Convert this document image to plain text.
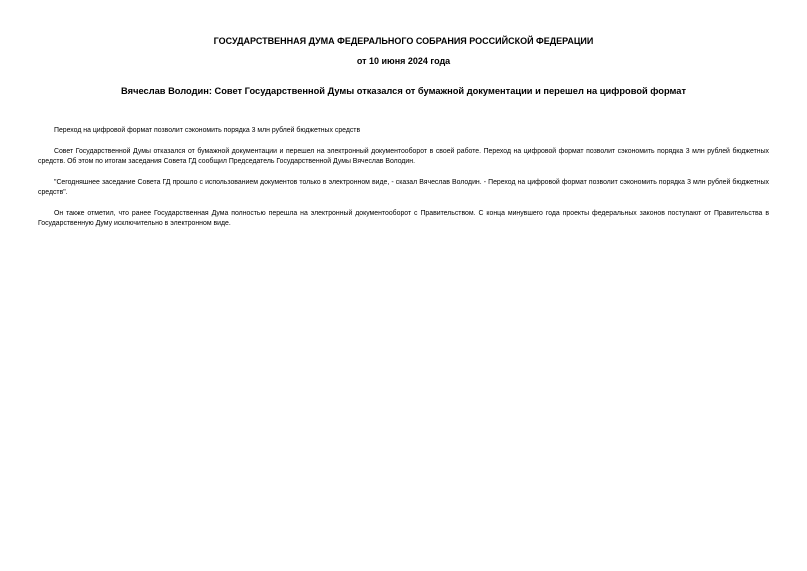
ГОСУДАРСТВЕННАЯ ДУМА ФЕДЕРАЛЬНОГО СОБРАНИЯ РОССИЙСКОЙ ФЕДЕРАЦИИ
от 10 июня 2024 года
Вячеслав Володин: Совет Государственной Думы отказался от бумажной документации и перешел на цифровой формат

Переход на цифровой формат позволит сэкономить порядка 3 млн рублей бюджетных средств

Совет Государственной Думы отказался от бумажной документации и перешел на электронный документооборот в своей работе. Переход на цифровой формат позволит сэкономить порядка 3 млн рублей бюджетных средств. Об этом по итогам заседания Совета ГД сообщил Председатель Государственной Думы Вячеслав Володин.

"Сегодняшнее заседание Совета ГД прошло с использованием документов только в электронном виде, - сказал Вячеслав Володин. - Переход на цифровой формат позволит сэкономить порядка 3 млн рублей бюджетных средств".

Он также отметил, что ранее Государственная Дума полностью перешла на электронный документооборот с Правительством. С конца минувшего года проекты федеральных законов поступают от Правительства в Государственную Думу исключительно в электронном виде.
